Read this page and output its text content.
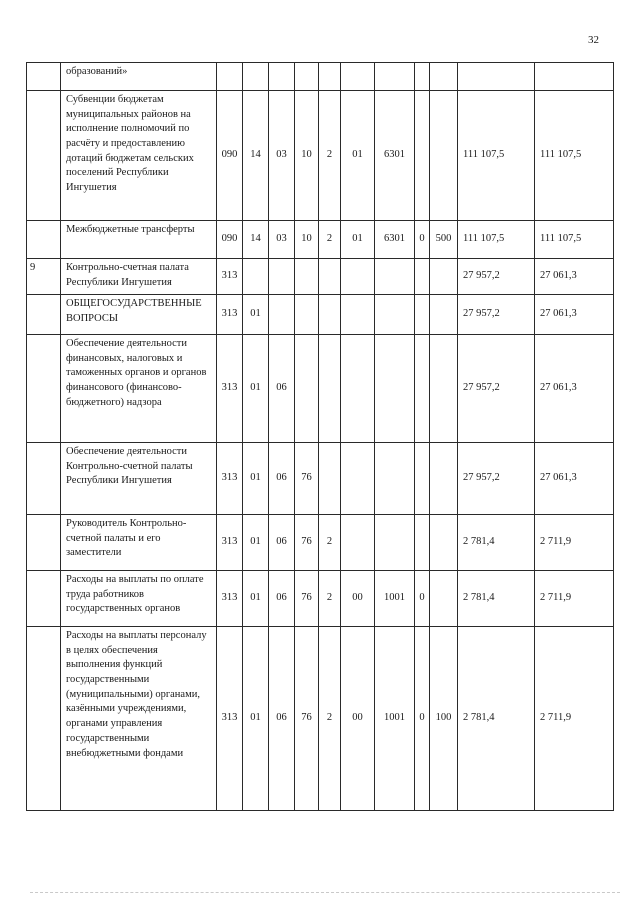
32
	образований»											
	Субвенции бюджетам муниципальных районов на исполнение полномочий по расчёту и предоставлению дотаций бюджетам сельских поселений Республики Ингушетия	090	14	03	10	2	01	6301			111 107,5	111 107,5
	Межбюджетные трансферты	090	14	03	10	2	01	6301	0	500	111 107,5	111 107,5
9	Контрольно-счетная палата Республики Ингушетия	313									27 957,2	27 061,3
	ОБЩЕГОСУДАРСТВЕННЫЕ ВОПРОСЫ	313	01								27 957,2	27 061,3
	Обеспечение деятельности финансовых, налоговых и таможенных органов и органов финансового (финансово-бюджетного) надзора	313	01	06							27 957,2	27 061,3
	Обеспечение деятельности Контрольно-счетной палаты Республики Ингушетия	313	01	06	76						27 957,2	27 061,3
	Руководитель Контрольно-счетной палаты и его заместители	313	01	06	76	2					2 781,4	2 711,9
	Расходы на выплаты по оплате труда работников государственных органов	313	01	06	76	2	00	1001	0		2 781,4	2 711,9
	Расходы на выплаты персоналу в целях обеспечения выполнения функций государственными (муниципальными) органами, казёнными учреждениями, органами управления государственными внебюджетными фондами	313	01	06	76	2	00	1001	0	100	2 781,4	2 711,9
